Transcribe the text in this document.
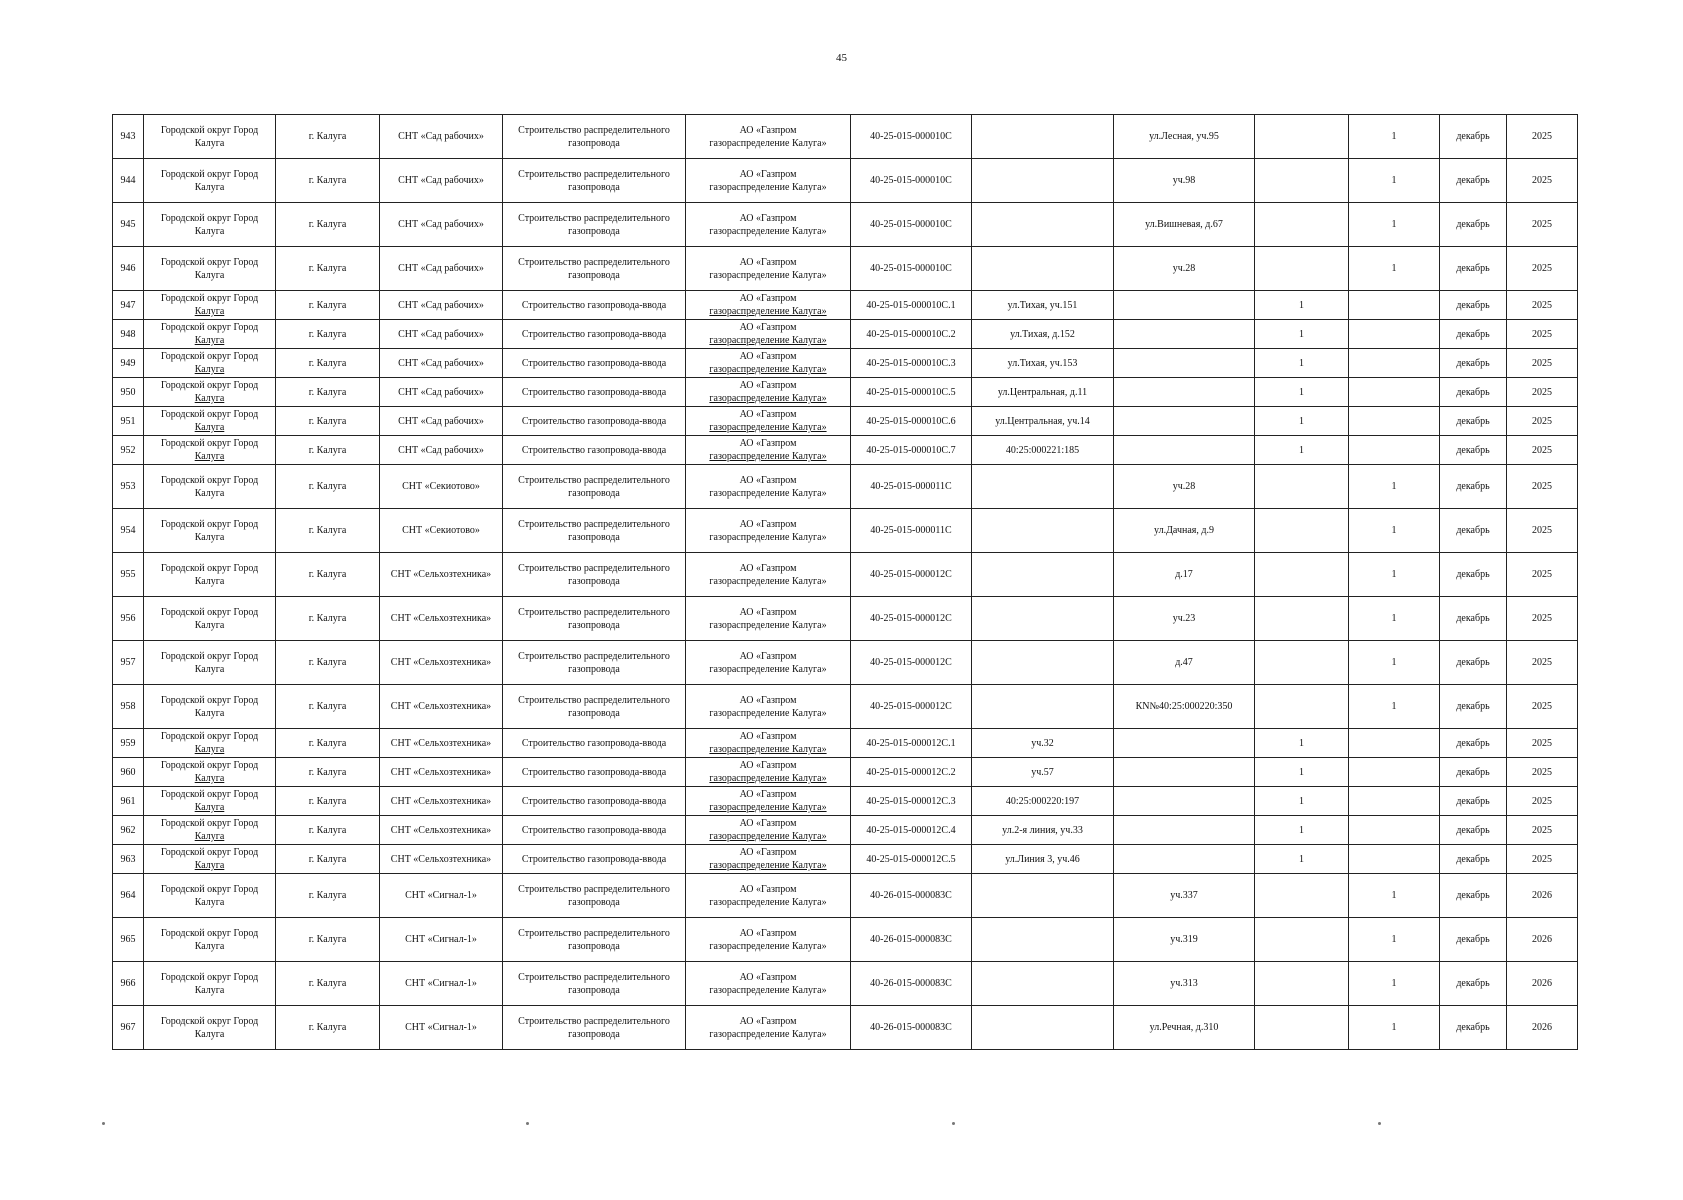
45
943	Городской округ Город
Калуга	г. Калуга	СНТ «Сад рабочих»	Строительство распределительного
газопровода	АО «Газпром
газораспределение Калуга»	40-25-015-000010С		ул.Лесная, уч.95		1	декабрь	2025
944	Городской округ Город
Калуга	г. Калуга	СНТ «Сад рабочих»	Строительство распределительного
газопровода	АО «Газпром
газораспределение Калуга»	40-25-015-000010С		уч.98		1	декабрь	2025
945	Городской округ Город
Калуга	г. Калуга	СНТ «Сад рабочих»	Строительство распределительного
газопровода	АО «Газпром
газораспределение Калуга»	40-25-015-000010С		ул.Вишневая, д.67		1	декабрь	2025
946	Городской округ Город
Калуга	г. Калуга	СНТ «Сад рабочих»	Строительство распределительного
газопровода	АО «Газпром
газораспределение Калуга»	40-25-015-000010С		уч.28		1	декабрь	2025
947	Городской округ Город
Калуга	г. Калуга	СНТ «Сад рабочих»	Строительство газопровода-ввода	АО «Газпром
газораспределение Калуга»	40-25-015-000010С.1	ул.Тихая, уч.151		1		декабрь	2025
948	Городской округ Город
Калуга	г. Калуга	СНТ «Сад рабочих»	Строительство газопровода-ввода	АО «Газпром
газораспределение Калуга»	40-25-015-000010С.2	ул.Тихая, д.152		1		декабрь	2025
949	Городской округ Город
Калуга	г. Калуга	СНТ «Сад рабочих»	Строительство газопровода-ввода	АО «Газпром
газораспределение Калуга»	40-25-015-000010С.3	ул.Тихая, уч.153		1		декабрь	2025
950	Городской округ Город
Калуга	г. Калуга	СНТ «Сад рабочих»	Строительство газопровода-ввода	АО «Газпром
газораспределение Калуга»	40-25-015-000010С.5	ул.Центральная, д.11		1		декабрь	2025
951	Городской округ Город
Калуга	г. Калуга	СНТ «Сад рабочих»	Строительство газопровода-ввода	АО «Газпром
газораспределение Калуга»	40-25-015-000010С.6	ул.Центральная, уч.14		1		декабрь	2025
952	Городской округ Город
Калуга	г. Калуга	СНТ «Сад рабочих»	Строительство газопровода-ввода	АО «Газпром
газораспределение Калуга»	40-25-015-000010С.7	40:25:000221:185		1		декабрь	2025
953	Городской округ Город
Калуга	г. Калуга	СНТ «Секиотово»	Строительство распределительного
газопровода	АО «Газпром
газораспределение Калуга»	40-25-015-000011С		уч.28		1	декабрь	2025
954	Городской округ Город
Калуга	г. Калуга	СНТ «Секиотово»	Строительство распределительного
газопровода	АО «Газпром
газораспределение Калуга»	40-25-015-000011С		ул.Дачная, д.9		1	декабрь	2025
955	Городской округ Город
Калуга	г. Калуга	СНТ «Сельхозтехника»	Строительство распределительного
газопровода	АО «Газпром
газораспределение Калуга»	40-25-015-000012С		д.17		1	декабрь	2025
956	Городской округ Город
Калуга	г. Калуга	СНТ «Сельхозтехника»	Строительство распределительного
газопровода	АО «Газпром
газораспределение Калуга»	40-25-015-000012С		уч.23		1	декабрь	2025
957	Городской округ Город
Калуга	г. Калуга	СНТ «Сельхозтехника»	Строительство распределительного
газопровода	АО «Газпром
газораспределение Калуга»	40-25-015-000012С		д.47		1	декабрь	2025
958	Городской округ Город
Калуга	г. Калуга	СНТ «Сельхозтехника»	Строительство распределительного
газопровода	АО «Газпром
газораспределение Калуга»	40-25-015-000012С		КN№40:25:000220:350		1	декабрь	2025
959	Городской округ Город
Калуга	г. Калуга	СНТ «Сельхозтехника»	Строительство газопровода-ввода	АО «Газпром
газораспределение Калуга»	40-25-015-000012С.1	уч.32		1		декабрь	2025
960	Городской округ Город
Калуга	г. Калуга	СНТ «Сельхозтехника»	Строительство газопровода-ввода	АО «Газпром
газораспределение Калуга»	40-25-015-000012С.2	уч.57		1		декабрь	2025
961	Городской округ Город
Калуга	г. Калуга	СНТ «Сельхозтехника»	Строительство газопровода-ввода	АО «Газпром
газораспределение Калуга»	40-25-015-000012С.3	40:25:000220:197		1		декабрь	2025
962	Городской округ Город
Калуга	г. Калуга	СНТ «Сельхозтехника»	Строительство газопровода-ввода	АО «Газпром
газораспределение Калуга»	40-25-015-000012С.4	ул.2-я линия, уч.33		1		декабрь	2025
963	Городской округ Город
Калуга	г. Калуга	СНТ «Сельхозтехника»	Строительство газопровода-ввода	АО «Газпром
газораспределение Калуга»	40-25-015-000012С.5	ул.Линия 3, уч.46		1		декабрь	2025
964	Городской округ Город
Калуга	г. Калуга	СНТ «Сигнал-1»	Строительство распределительного
газопровода	АО «Газпром
газораспределение Калуга»	40-26-015-000083С		уч.337		1	декабрь	2026
965	Городской округ Город
Калуга	г. Калуга	СНТ «Сигнал-1»	Строительство распределительного
газопровода	АО «Газпром
газораспределение Калуга»	40-26-015-000083С		уч.319		1	декабрь	2026
966	Городской округ Город
Калуга	г. Калуга	СНТ «Сигнал-1»	Строительство распределительного
газопровода	АО «Газпром
газораспределение Калуга»	40-26-015-000083С		уч.313		1	декабрь	2026
967	Городской округ Город
Калуга	г. Калуга	СНТ «Сигнал-1»	Строительство распределительного
газопровода	АО «Газпром
газораспределение Калуга»	40-26-015-000083С		ул.Речная, д.310		1	декабрь	2026
